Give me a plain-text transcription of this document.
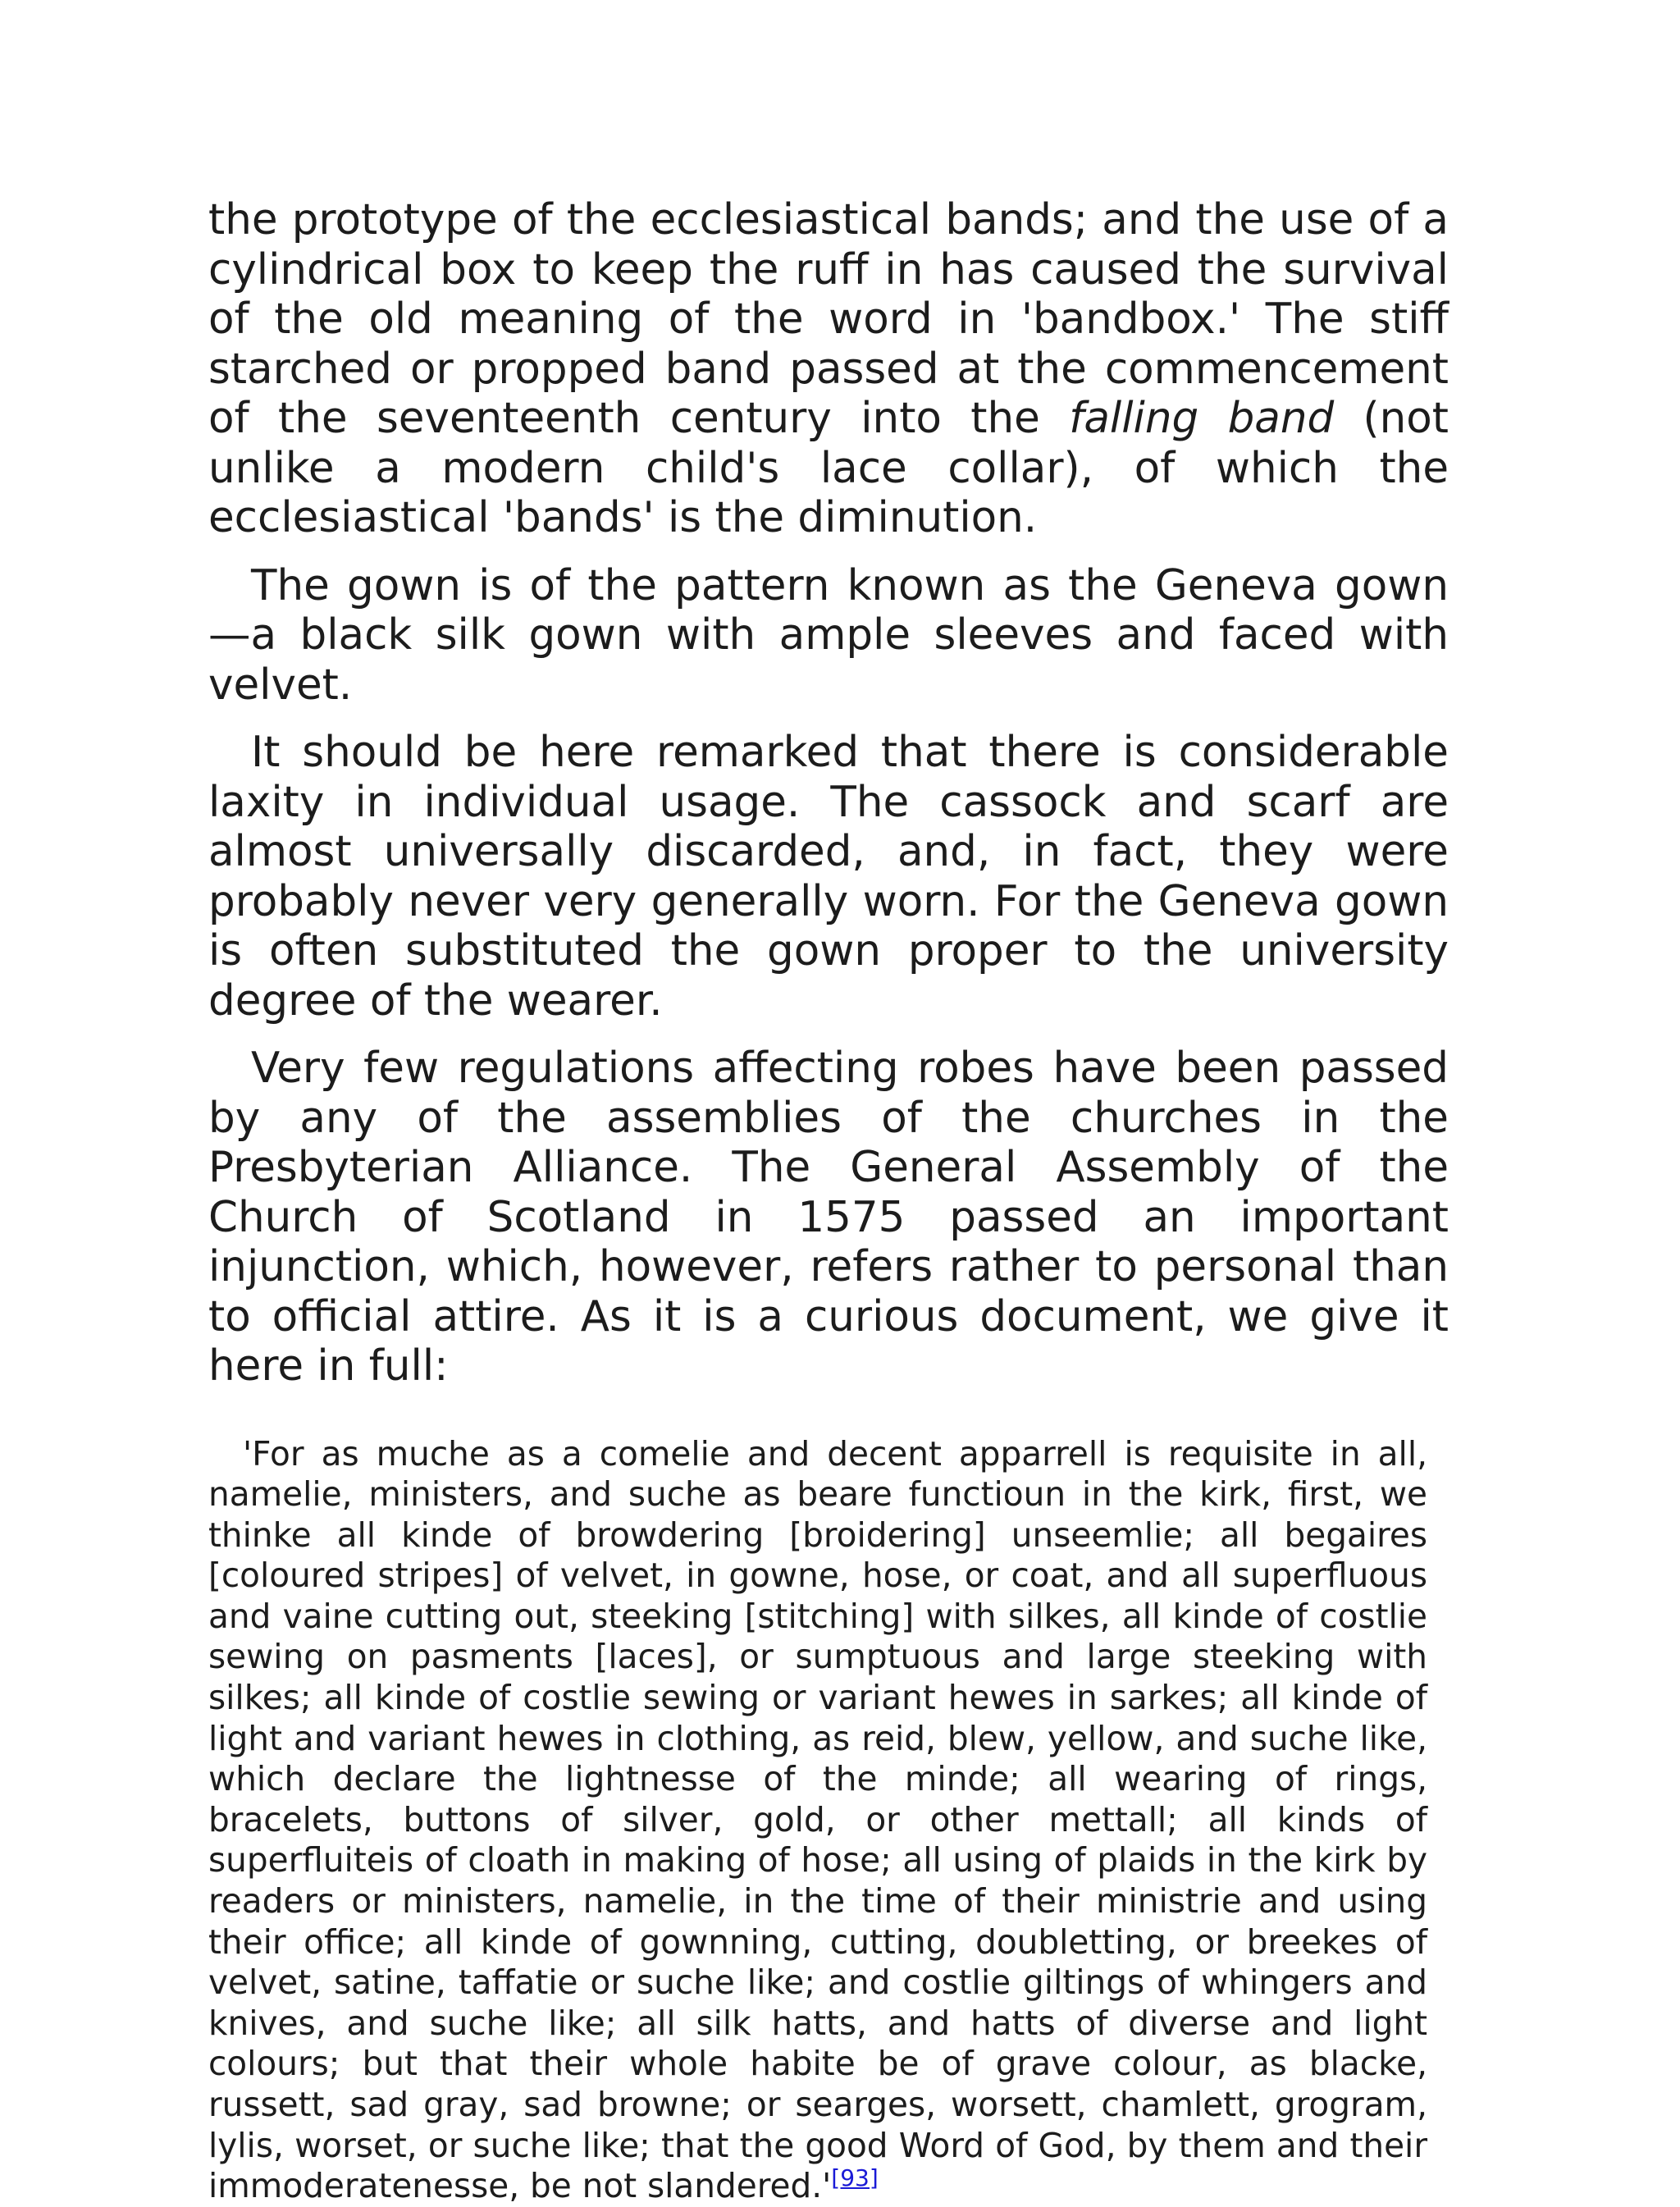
the prototype of the ecclesiastical bands; and the use of a cylindrical box to keep the ruff in has caused the survival of the old meaning of the word in 'bandbox.' The stiff starched or propped band passed at the commencement of the seventeenth century into the falling band (not unlike a modern child's lace collar), of which the ecclesiastical 'bands' is the diminution.

The gown is of the pattern known as the Geneva gown—a black silk gown with ample sleeves and faced with velvet.

It should be here remarked that there is considerable laxity in individual usage. The cassock and scarf are almost universally discarded, and, in fact, they were probably never very generally worn. For the Geneva gown is often substituted the gown proper to the university degree of the wearer.

Very few regulations affecting robes have been passed by any of the assemblies of the churches in the Presbyterian Alliance. The General Assembly of the Church of Scotland in 1575 passed an important injunction, which, however, refers rather to personal than to official attire. As it is a curious document, we give it here in full:

'For as muche as a comelie and decent apparrell is requisite in all, namelie, ministers, and suche as beare functioun in the kirk, first, we thinke all kinde of browdering [broidering] unseemlie; all begaires [coloured stripes] of velvet, in gowne, hose, or coat, and all superfluous and vaine cutting out, steeking [stitching] with silkes, all kinde of costlie sewing on pasments [laces], or sumptuous and large steeking with silkes; all kinde of costlie sewing or variant hewes in sarkes; all kinde of light and variant hewes in clothing, as reid, blew, yellow, and suche like, which declare the lightnesse of the minde; all wearing of rings, bracelets, buttons of silver, gold, or other mettall; all kinds of superfluiteis of cloath in making of hose; all using of plaids in the kirk by readers or ministers, namelie, in the time of their ministrie and using their office; all kinde of gownning, cutting, doubletting, or breekes of velvet, satine, taffatie or suche like; and costlie giltings of whingers and knives, and suche like; all silk hatts, and hatts of diverse and light colours; but that their whole habite be of grave colour, as blacke, russett, sad gray, sad browne; or searges, worsett, chamlett, grogram, lylis, worset, or suche like; that the good Word of God, by them and their immoderatenesse, be not slandered.'[93]
